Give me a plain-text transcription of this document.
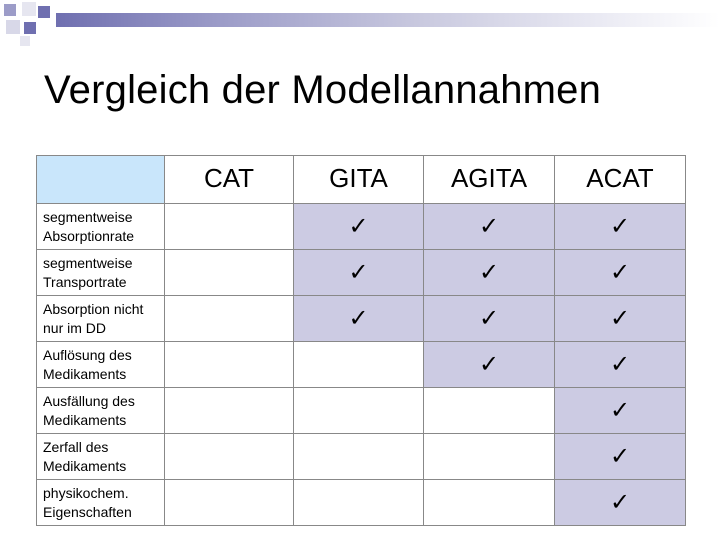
Vergleich der Modellannahmen
	CAT	GITA	AGITA	ACAT

segmentweise
Absorptionrate		✓	✓	✓

segmentweise
Transportrate		✓	✓	✓

Absorption nicht
nur im DD		✓	✓	✓

Auflösung des
Medikaments			✓	✓

Ausfällung des
Medikaments				✓

Zerfall des
Medikaments				✓

physikochem.
Eigenschaften				✓
